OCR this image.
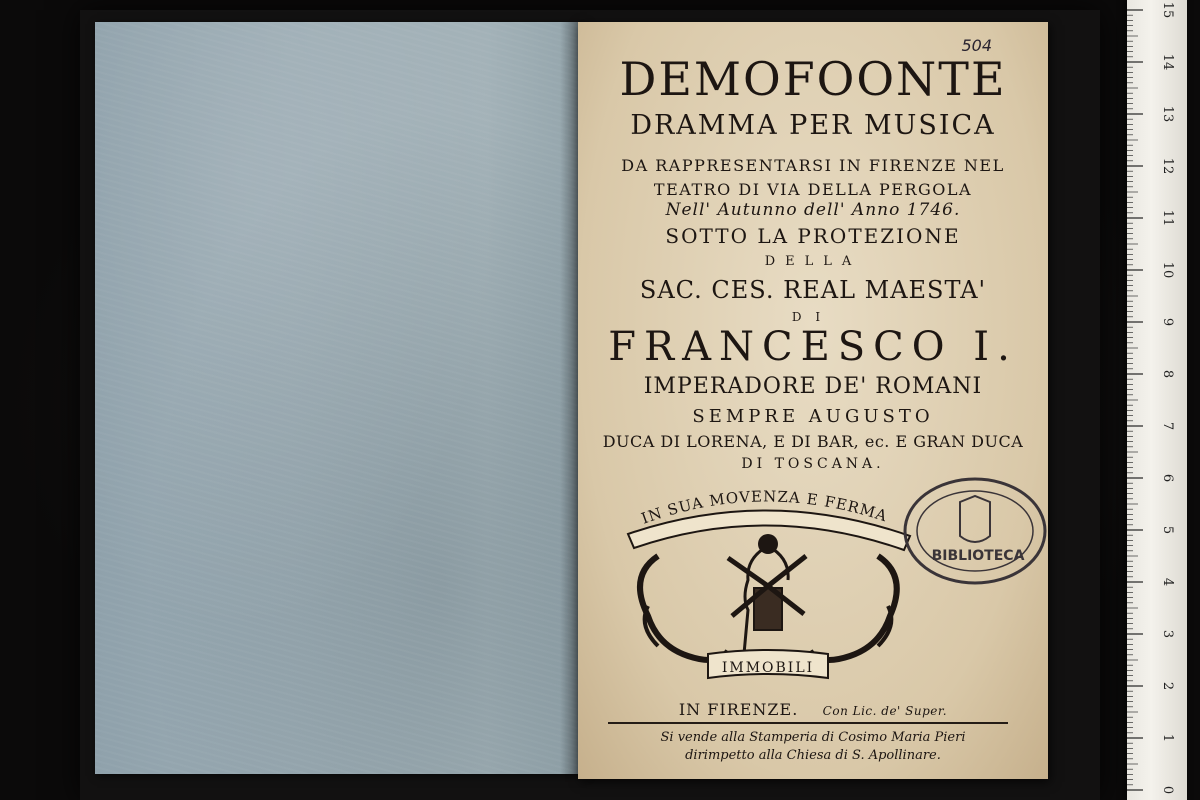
504
DEMOFOONTE
DRAMMA PER MUSICA
DA RAPPRESENTARSI IN FIRENZE NEL
TEATRO DI VIA DELLA PERGOLA
Nell' Autunno dell' Anno 1746.
SOTTO LA PROTEZIONE
DELLA
SAC. CES. REAL MAESTA'
DI
FRANCESCO I.
IMPERADORE DE' ROMANI
SEMPRE AUGUSTO
DUCA DI LORENA, E DI BAR, ec. E GRAN DUCA
DI TOSCANA.
IN SUA MOVENZA E FERMA
IMMOBILI
BIBLIOTECA
IN FIRENZE. Con Lic. de' Super.
Si vende alla Stamperia di Cosimo Maria Pieri
dirimpetto alla Chiesa di S. Apollinare.
15
14
13
12
11
10
9
8
7
6
5
4
3
2
1
0
